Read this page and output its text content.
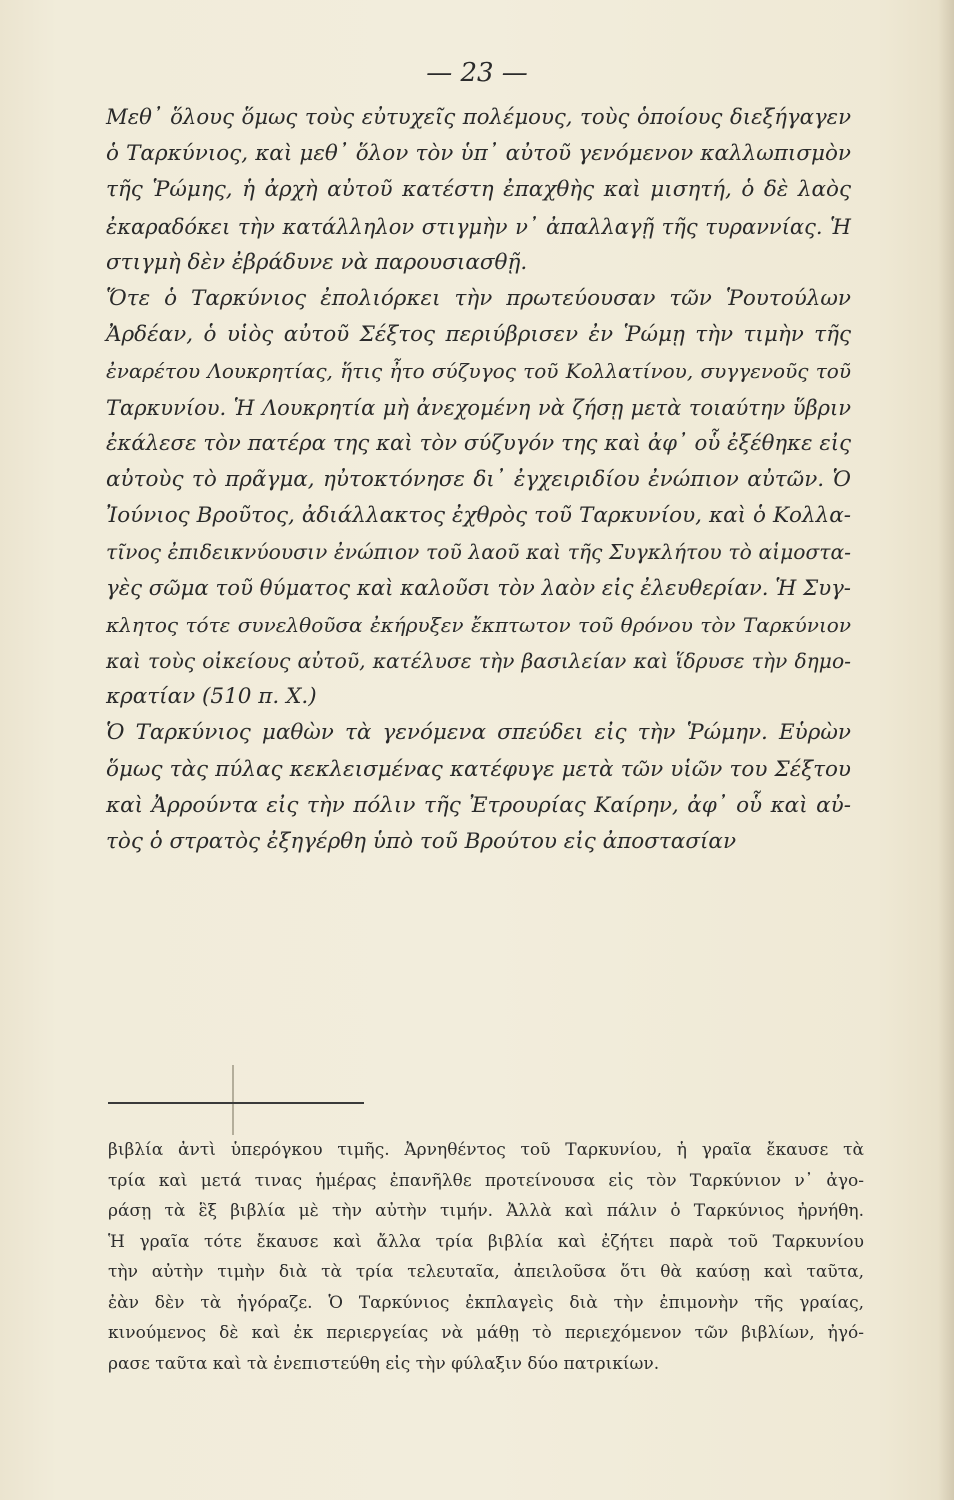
— 23 —
Μεθ᾽ ὅλους ὅμως τοὺς εὐτυχεῖς πολέμους, τοὺς ὁποίους διεξήγαγεν
ὁ Ταρκύνιος, καὶ μεθ᾽ ὅλον τὸν ὑπ᾽ αὐτοῦ γενόμενον καλλωπισμὸν
τῆς Ῥώμης, ἡ ἀρχὴ αὐτοῦ κατέστη ἐπαχθὴς καὶ μισητή, ὁ δὲ λαὸς
ἐκαραδόκει τὴν κατάλληλον στιγμὴν ν᾽ ἀπαλλαγῇ τῆς τυραννίας. Ἡ
στιγμὴ δὲν ἐβράδυνε νὰ παρουσιασθῇ.
Ὅτε ὁ Ταρκύνιος ἐπολιόρκει τὴν πρωτεύουσαν τῶν Ῥουτούλων
Ἀρδέαν, ὁ υἱὸς αὐτοῦ Σέξτος περιύβρισεν ἐν Ῥώμῃ τὴν τιμὴν τῆς
ἐναρέτου Λουκρητίας, ἥτις ἦτο σύζυγος τοῦ Κολλατίνου, συγγενοῦς τοῦ
Ταρκυνίου. Ἡ Λουκρητία μὴ ἀνεχομένη νὰ ζήσῃ μετὰ τοιαύτην ὕβριν
ἐκάλεσε τὸν πατέρα της καὶ τὸν σύζυγόν της καὶ ἀφ᾽ οὗ ἐξέθηκε εἰς
αὐτοὺς τὸ πρᾶγμα, ηὐτοκτόνησε δι᾽ ἐγχειριδίου ἐνώπιον αὐτῶν. Ὁ
Ἰούνιος Βροῦτος, ἀδιάλλακτος ἐχθρὸς τοῦ Ταρκυνίου, καὶ ὁ Κολλα-
τῖνος ἐπιδεικνύουσιν ἐνώπιον τοῦ λαοῦ καὶ τῆς Συγκλήτου τὸ αἱμοστα-
γὲς σῶμα τοῦ θύματος καὶ καλοῦσι τὸν λαὸν εἰς ἐλευθερίαν. Ἡ Συγ-
κλητος τότε συνελθοῦσα ἐκήρυξεν ἔκπτωτον τοῦ θρόνου τὸν Ταρκύνιον
καὶ τοὺς οἰκείους αὐτοῦ, κατέλυσε τὴν βασιλείαν καὶ ἵδρυσε τὴν δημο-
κρατίαν (510 π. Χ.)
Ὁ Ταρκύνιος μαθὼν τὰ γενόμενα σπεύδει εἰς τὴν Ῥώμην. Εὑρὼν
ὅμως τὰς πύλας κεκλεισμένας κατέφυγε μετὰ τῶν υἱῶν του Σέξτου
καὶ Ἀρρούντα εἰς τὴν πόλιν τῆς Ἐτρουρίας Καίρην, ἀφ᾽ οὗ καὶ αὐ-
τὸς ὁ στρατὸς ἐξηγέρθη ὑπὸ τοῦ Βρούτου εἰς ἀποστασίαν
βιβλία ἀντὶ ὑπερόγκου τιμῆς. Ἀρνηθέντος τοῦ Ταρκυνίου, ἡ γραῖα ἔκαυσε τὰ
τρία καὶ μετά τινας ἡμέρας ἐπανῆλθε προτείνουσα εἰς τὸν Ταρκύνιον ν᾽ ἀγο-
ράσῃ τὰ ἓξ βιβλία μὲ τὴν αὐτὴν τιμήν. Ἀλλὰ καὶ πάλιν ὁ Ταρκύνιος ἠρνήθη.
Ἡ γραῖα τότε ἔκαυσε καὶ ἄλλα τρία βιβλία καὶ ἐζήτει παρὰ τοῦ Ταρκυνίου
τὴν αὐτὴν τιμὴν διὰ τὰ τρία τελευταῖα, ἀπειλοῦσα ὅτι θὰ καύσῃ καὶ ταῦτα,
ἐὰν δὲν τὰ ἠγόραζε. Ὁ Ταρκύνιος ἐκπλαγεὶς διὰ τὴν ἐπιμονὴν τῆς γραίας,
κινούμενος δὲ καὶ ἐκ περιεργείας νὰ μάθῃ τὸ περιεχόμενον τῶν βιβλίων, ἠγό-
ρασε ταῦτα καὶ τὰ ἐνεπιστεύθη εἰς τὴν φύλαξιν δύο πατρικίων.
